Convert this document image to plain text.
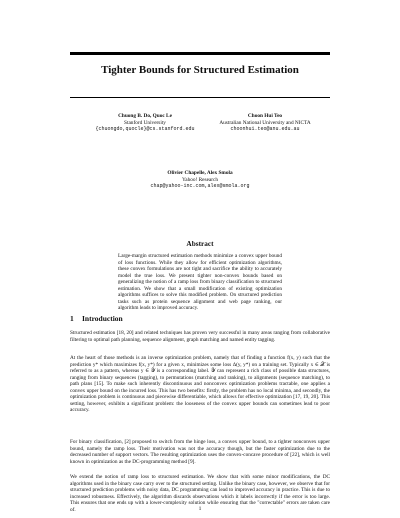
Tighter Bounds for Structured Estimation
Chuong B. Do, Quoc Le
Stanford University
{chuongdo,quocle}@cs.stanford.edu
Choon Hui Teo
Australian National University and NICTA
choonhui.teo@anu.edu.au
Olivier Chapelle, Alex Smola
Yahoo! Research
chap@yahoo-inc.com,alex@smola.org
Abstract

Large-margin structured estimation methods minimize a convex upper bound of loss functions. While they allow for efficient optimization algorithms, these convex formulations are not tight and sacrifice the ability to accurately model the true loss. We present tighter non-convex bounds based on generalizing the notion of a ramp loss from binary classification to structured estimation. We show that a small modification of existing optimization algorithms suffices to solve this modified problem. On structured prediction tasks such as protein sequence alignment and web page ranking, our algorithm leads to improved accuracy.

1 Introduction

Structured estimation [18, 20] and related techniques has proven very successful in many areas ranging from collaborative filtering to optimal path planning, sequence alignment, graph matching and named entity tagging.

At the heart of those methods is an inverse optimization problem, namely that of finding a function f(x, y) such that the prediction y* which maximizes f(x, y*) for a given x, minimizes some loss Δ(y, y*) on a training set. Typically x ∈ 𝒳 is referred to as a pattern, whereas y ∈ 𝒴 is a corresponding label. 𝒴 can represent a rich class of possible data structures, ranging from binary sequences (tagging), to permutations (matching and ranking), to alignments (sequence matching), to path plans [15]. To make such inherently discontinuous and nonconvex optimization problems tractable, one applies a convex upper bound on the incurred loss. This has two benefits: firstly, the problem has no local minima, and secondly, the optimization problem is continuous and piecewise differentiable, which allows for effective optimization [17, 19, 20]. This setting, however, exhibits a significant problem: the looseness of the convex upper bounds can sometimes lead to poor accuracy.

For binary classification, [2] proposed to switch from the hinge loss, a convex upper bound, to a tighter nonconvex upper bound, namely the ramp loss. Their motivation was not the accuracy though, but the faster optimization due to the decreased number of support vectors. The resulting optimization uses the convex-concave procedure of [22], which is well known in optimization as the DC-programming method [9].

We extend the notion of ramp loss to structured estimation. We show that with some minor modifications, the DC algorithms used in the binary case carry over to the structured setting. Unlike the binary case, however, we observe that for structured prediction problems with noisy data, DC programming can lead to improved accuracy in practice. This is due to increased robustness. Effectively, the algorithm discards observations which it labels incorrectly if the error is too large. This ensures that one ends up with a lower-complexity solution while ensuring that the "correctable" errors are taken care of.	1
